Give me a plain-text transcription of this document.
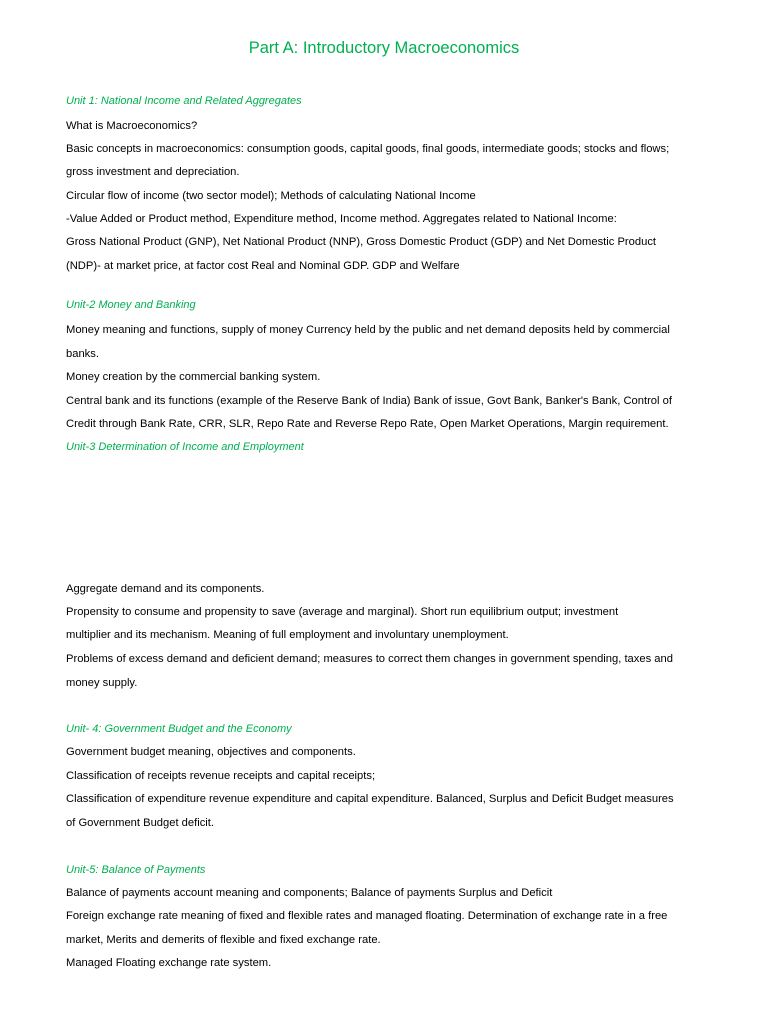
Part A: Introductory Macroeconomics
Unit 1: National Income and Related Aggregates
What is Macroeconomics?
Basic concepts in macroeconomics: consumption goods, capital goods, final goods, intermediate goods; stocks and flows;
gross investment and depreciation.
Circular flow of income (two sector model); Methods of calculating National Income
-Value Added or Product method, Expenditure method, Income method. Aggregates related to National Income:
Gross National Product (GNP), Net National Product (NNP), Gross Domestic Product (GDP) and Net Domestic Product
(NDP)- at market price, at factor cost Real and Nominal GDP. GDP and Welfare
Unit-2 Money and Banking
Money meaning and functions, supply of money Currency held by the public and net demand deposits held by commercial
banks.
Money creation by the commercial banking system.
Central bank and its functions (example of the Reserve Bank of India) Bank of issue, Govt Bank, Banker's Bank, Control of
Credit through Bank Rate, CRR, SLR, Repo Rate and Reverse Repo Rate, Open Market Operations, Margin requirement.
Unit-3 Determination of Income and Employment
Aggregate demand and its components.
Propensity to consume and propensity to save (average and marginal). Short run equilibrium output; investment
multiplier and its mechanism. Meaning of full employment and involuntary unemployment.
Problems of excess demand and deficient demand; measures to correct them changes in government spending, taxes and
money supply.
Unit- 4: Government Budget and the Economy
Government budget meaning, objectives and components.
Classification of receipts revenue receipts and capital receipts;
Classification of expenditure revenue expenditure and capital expenditure. Balanced, Surplus and Deficit Budget measures
of Government Budget deficit.
Unit-5: Balance of Payments
Balance of payments account meaning and components; Balance of payments Surplus and Deficit
Foreign exchange rate meaning of fixed and flexible rates and managed floating. Determination of exchange rate in a free
market, Merits and demerits of flexible and fixed exchange rate.
Managed Floating exchange rate system.
